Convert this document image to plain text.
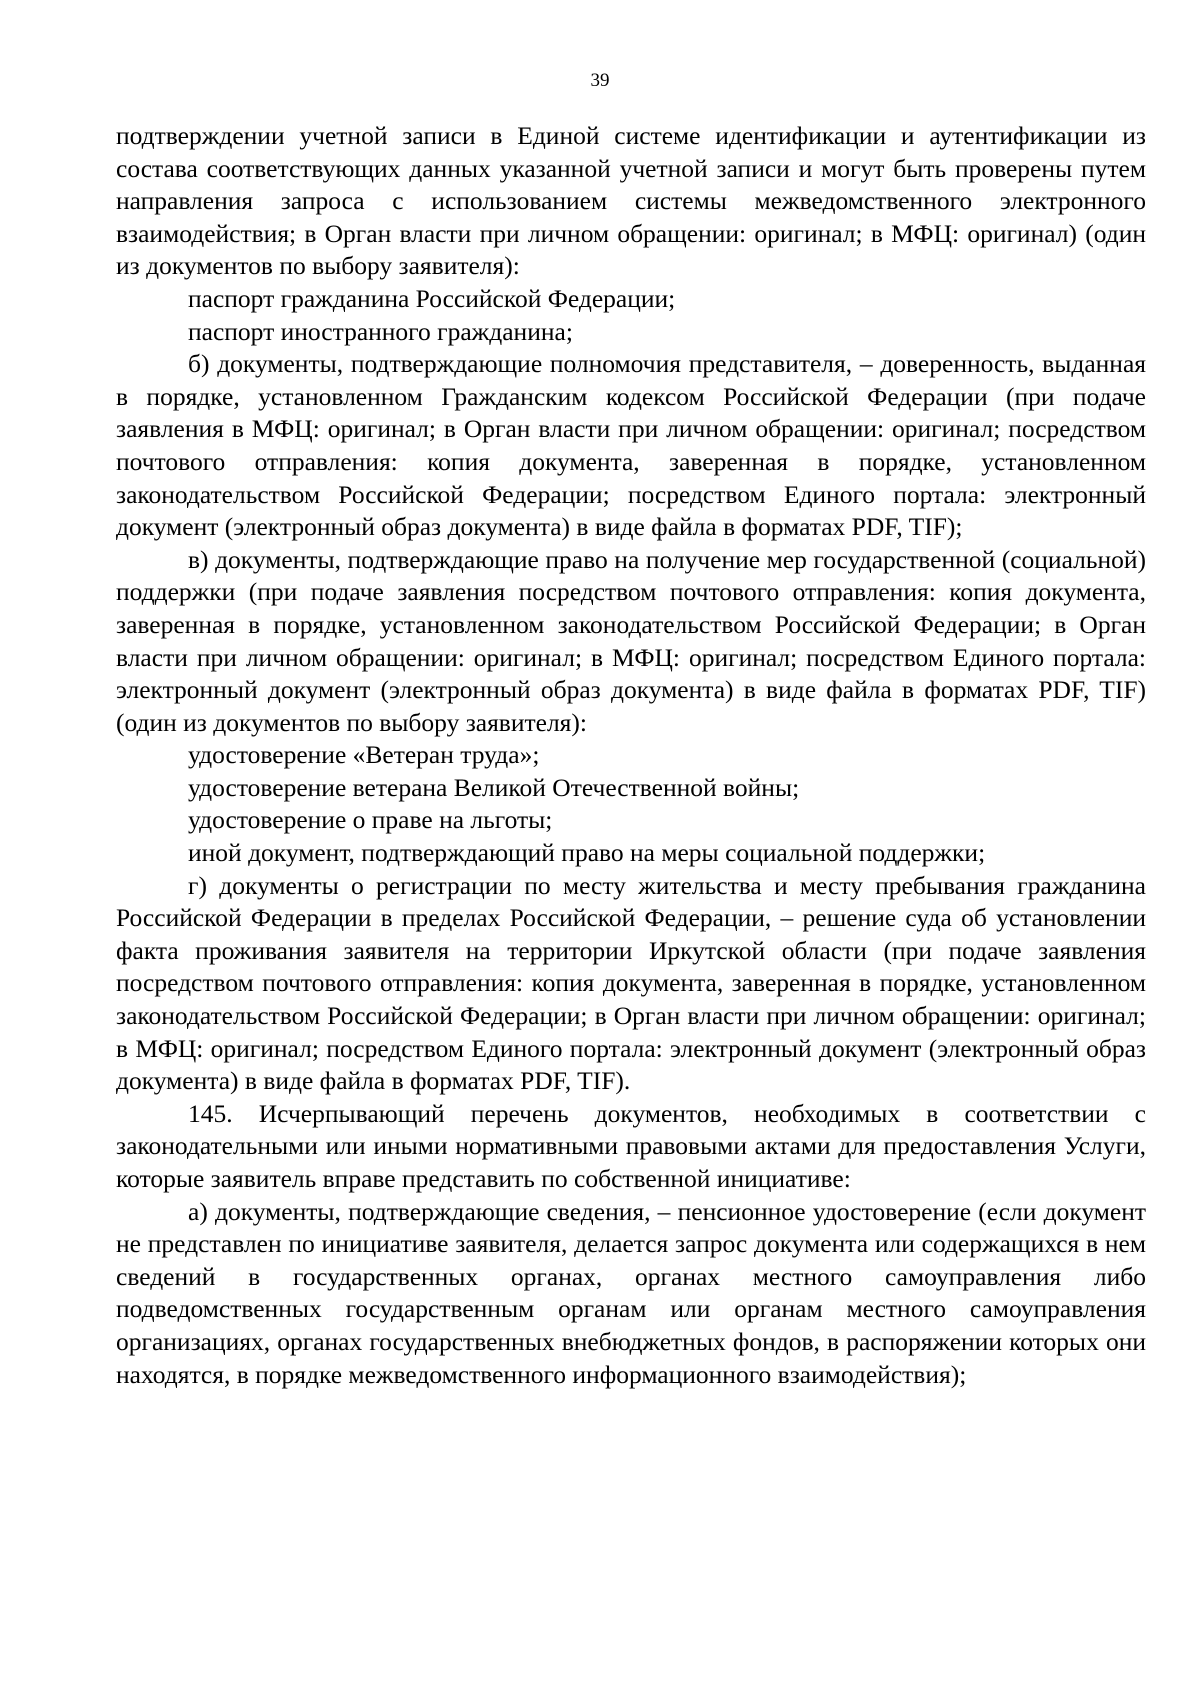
39

подтверждении учетной записи в Единой системе идентификации и аутентификации из состава соответствующих данных указанной учетной записи и могут быть проверены путем направления запроса с использованием системы межведомственного электронного взаимодействия; в Орган власти при личном обращении: оригинал; в МФЦ: оригинал) (один из документов по выбору заявителя):

паспорт гражданина Российской Федерации;

паспорт иностранного гражданина;

б) документы, подтверждающие полномочия представителя, – доверенность, выданная в порядке, установленном Гражданским кодексом Российской Федерации (при подаче заявления в МФЦ: оригинал; в Орган власти при личном обращении: оригинал; посредством почтового отправления: копия документа, заверенная в порядке, установленном законодательством Российской Федерации; посредством Единого портала: электронный документ (электронный образ документа) в виде файла в форматах PDF, TIF);

в) документы, подтверждающие право на получение мер государственной (социальной) поддержки (при подаче заявления посредством почтового отправления: копия документа, заверенная в порядке, установленном законодательством Российской Федерации; в Орган власти при личном обращении: оригинал; в МФЦ: оригинал; посредством Единого портала: электронный документ (электронный образ документа) в виде файла в форматах PDF, TIF) (один из документов по выбору заявителя):

удостоверение «Ветеран труда»;

удостоверение ветерана Великой Отечественной войны;

удостоверение о праве на льготы;

иной документ, подтверждающий право на меры социальной поддержки;

г) документы о регистрации по месту жительства и месту пребывания гражданина Российской Федерации в пределах Российской Федерации, – решение суда об установлении факта проживания заявителя на территории Иркутской области (при подаче заявления посредством почтового отправления: копия документа, заверенная в порядке, установленном законодательством Российской Федерации; в Орган власти при личном обращении: оригинал; в МФЦ: оригинал; посредством Единого портала: электронный документ (электронный образ документа) в виде файла в форматах PDF, TIF).

145. Исчерпывающий перечень документов, необходимых в соответствии с законодательными или иными нормативными правовыми актами для предоставления Услуги, которые заявитель вправе представить по собственной инициативе:

а) документы, подтверждающие сведения, – пенсионное удостоверение (если документ не представлен по инициативе заявителя, делается запрос документа или содержащихся в нем сведений в государственных органах, органах местного самоуправления либо подведомственных государственным органам или органам местного самоуправления организациях, органах государственных внебюджетных фондов, в распоряжении которых они находятся, в порядке межведомственного информационного взаимодействия);
